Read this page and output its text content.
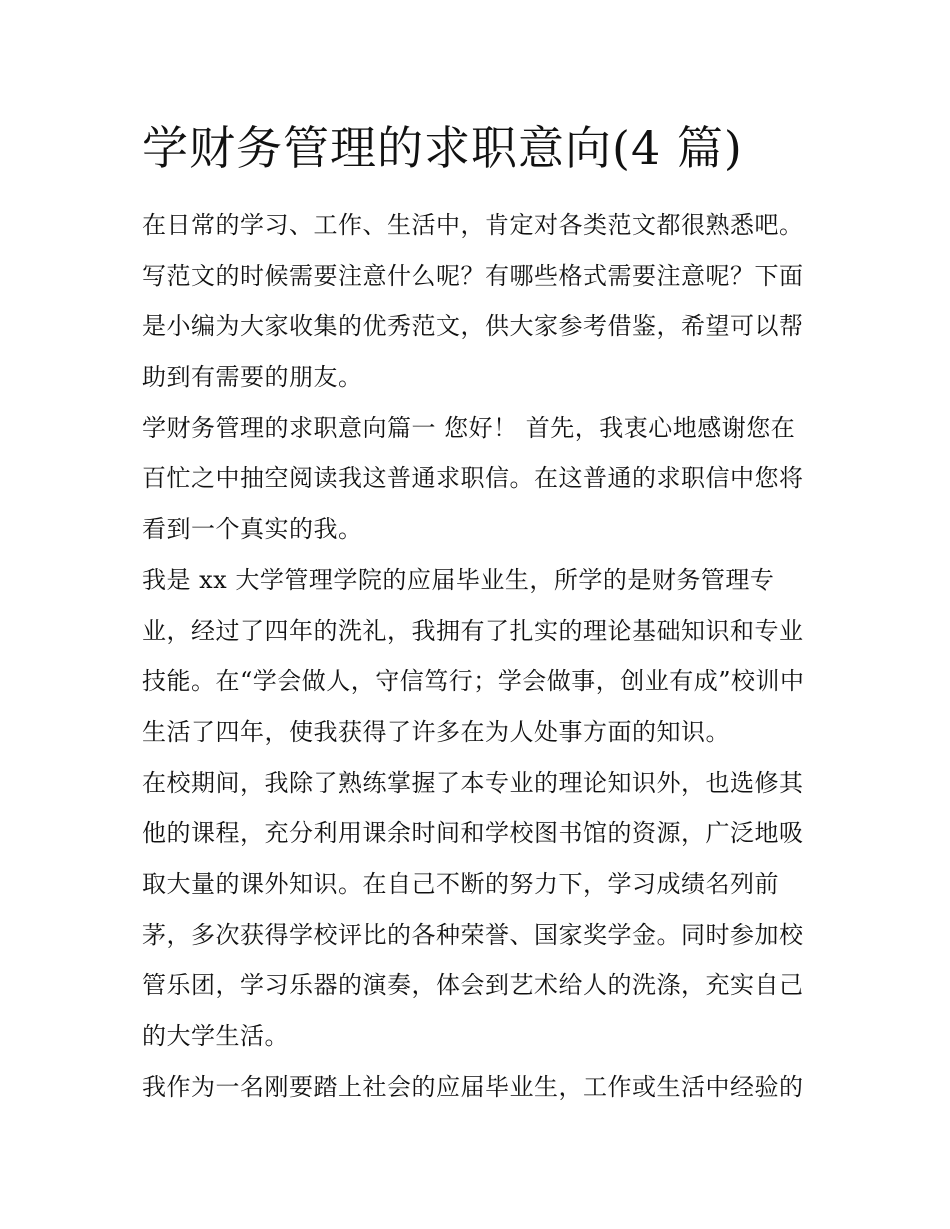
学财务管理的求职意向(4 篇)
在日常的学习、工作、生活中，肯定对各类范文都很熟悉吧。
写范文的时候需要注意什么呢？有哪些格式需要注意呢？下面
是小编为大家收集的优秀范文，供大家参考借鉴，希望可以帮
助到有需要的朋友。
学财务管理的求职意向篇一 您好！ 首先，我衷心地感谢您在
百忙之中抽空阅读我这普通求职信。在这普通的求职信中您将
看到一个真实的我。
我是 xx 大学管理学院的应届毕业生，所学的是财务管理专
业，经过了四年的洗礼，我拥有了扎实的理论基础知识和专业
技能。在“学会做人，守信笃行；学会做事，创业有成”校训中
生活了四年，使我获得了许多在为人处事方面的知识。
在校期间，我除了熟练掌握了本专业的理论知识外，也选修其
他的课程，充分利用课余时间和学校图书馆的资源，广泛地吸
取大量的课外知识。在自己不断的努力下，学习成绩名列前
茅，多次获得学校评比的各种荣誉、国家奖学金。同时参加校
管乐团，学习乐器的演奏，体会到艺术给人的洗涤，充实自己
的大学生活。
我作为一名刚要踏上社会的应届毕业生，工作或生活中经验的
